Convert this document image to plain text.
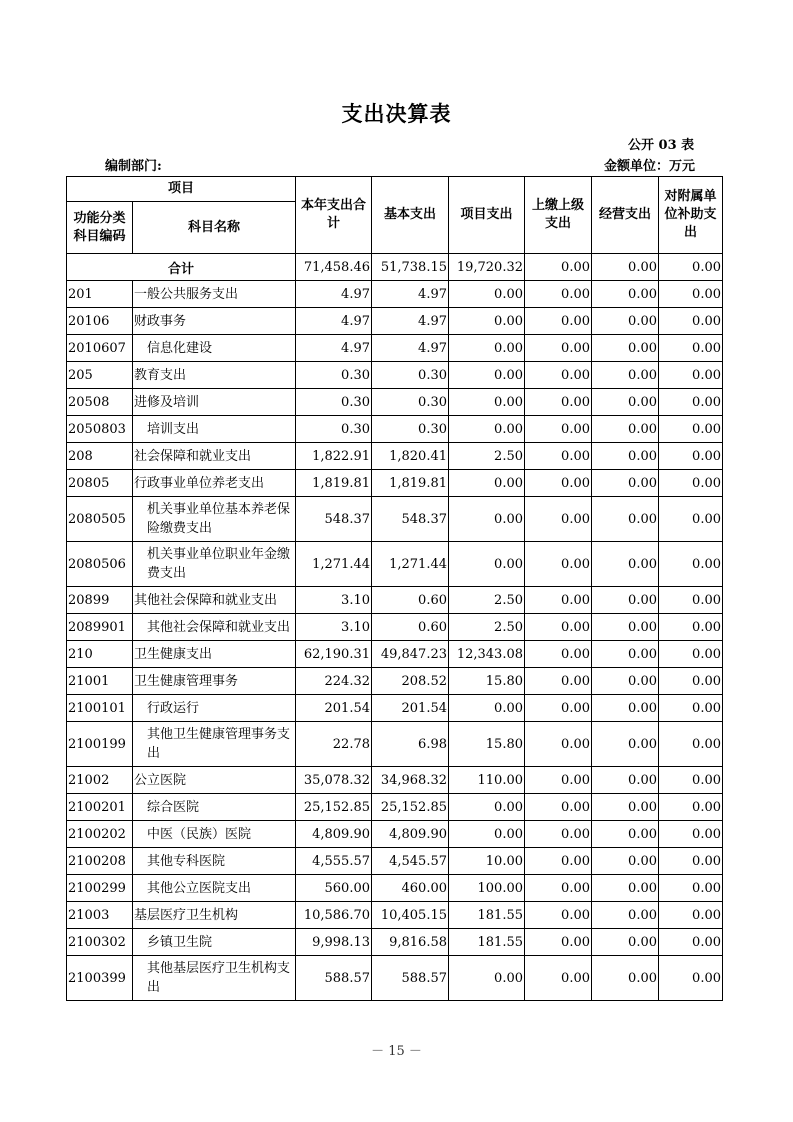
支出决算表
公开 03 表
编制部门:	金额单位：万元
项目		本年支出合计	基本支出	项目支出	上缴上级支出	经营支出	对附属单位补助支出
功能分类科目编码	科目名称						
合计		71,458.46	51,738.15	19,720.32	0.00	0.00	0.00
201	一般公共服务支出	4.97	4.97	0.00	0.00	0.00	0.00
20106	财政事务	4.97	4.97	0.00	0.00	0.00	0.00
2010607	信息化建设	4.97	4.97	0.00	0.00	0.00	0.00
205	教育支出	0.30	0.30	0.00	0.00	0.00	0.00
20508	进修及培训	0.30	0.30	0.00	0.00	0.00	0.00
2050803	培训支出	0.30	0.30	0.00	0.00	0.00	0.00
208	社会保障和就业支出	1,822.91	1,820.41	2.50	0.00	0.00	0.00
20805	行政事业单位养老支出	1,819.81	1,819.81	0.00	0.00	0.00	0.00
2080505	机关事业单位基本养老保险缴费支出	548.37	548.37	0.00	0.00	0.00	0.00
2080506	机关事业单位职业年金缴费支出	1,271.44	1,271.44	0.00	0.00	0.00	0.00
20899	其他社会保障和就业支出	3.10	0.60	2.50	0.00	0.00	0.00
2089901	其他社会保障和就业支出	3.10	0.60	2.50	0.00	0.00	0.00
210	卫生健康支出	62,190.31	49,847.23	12,343.08	0.00	0.00	0.00
21001	卫生健康管理事务	224.32	208.52	15.80	0.00	0.00	0.00
2100101	行政运行	201.54	201.54	0.00	0.00	0.00	0.00
2100199	其他卫生健康管理事务支出	22.78	6.98	15.80	0.00	0.00	0.00
21002	公立医院	35,078.32	34,968.32	110.00	0.00	0.00	0.00
2100201	综合医院	25,152.85	25,152.85	0.00	0.00	0.00	0.00
2100202	中医（民族）医院	4,809.90	4,809.90	0.00	0.00	0.00	0.00
2100208	其他专科医院	4,555.57	4,545.57	10.00	0.00	0.00	0.00
2100299	其他公立医院支出	560.00	460.00	100.00	0.00	0.00	0.00
21003	基层医疗卫生机构	10,586.70	10,405.15	181.55	0.00	0.00	0.00
2100302	乡镇卫生院	9,998.13	9,816.58	181.55	0.00	0.00	0.00
2100399	其他基层医疗卫生机构支出	588.57	588.57	0.00	0.00	0.00	0.00
－ 15 －
